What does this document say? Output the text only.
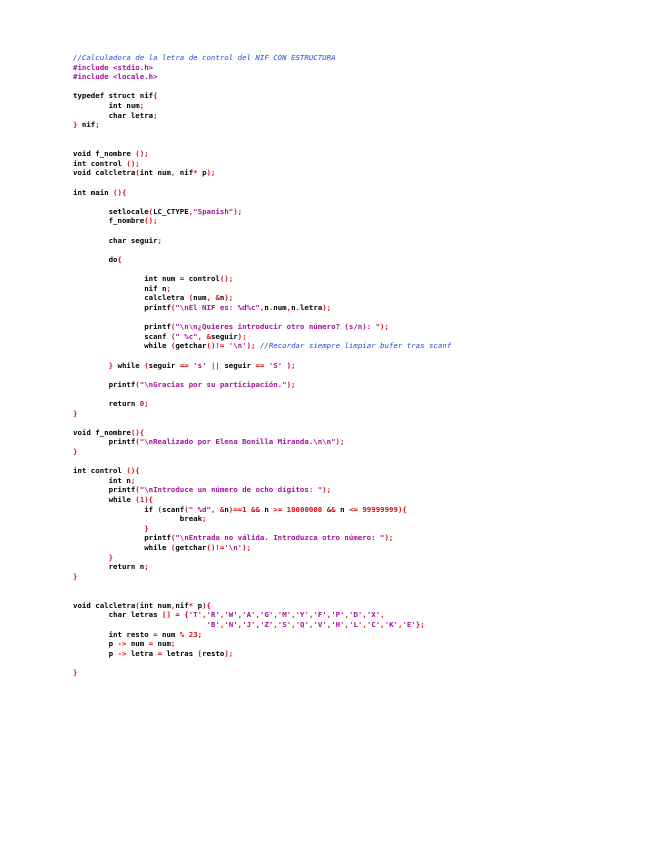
//Calculadora de la letra de control del NIF CON ESTRUCTURA
#include <stdio.h>
#include <locale.h>
typedef struct nif{
int num;
char letra;
} nif;
void f_nombre ();
int control ();
void calcletra(int num, nif* p);
int main (){
setlocale(LC_CTYPE,"Spanish");
f_nombre();
char seguir;
do{
int num = control();
nif n;
calcletra (num, &n);
printf("\nEl NIF es: %d%c",n.num,n.letra);
printf("\n\n¿Quieres introducir otro número? (s/n): ");
scanf (" %c", &seguir);
while (getchar()!= '\n'); //Recordar siempre limpiar bufer tras scanf
} while (seguir == 's' || seguir == 'S' );
printf("\nGracias por su participación.");
return 0;
}
void f_nombre(){
printf("\nRealizado por Elena Bonilla Miranda.\n\n");
}
int control (){
int n;
printf("\nIntroduce un número de ocho dígitos: ");
while (1){
if (scanf(" %d", &n)==1 && n >= 10000000 && n <= 99999999){
break;
}
printf("\nEntrada no válida. Introduzca otro número: ");
while (getchar()!='\n');
}
return n;
}
void calcletra(int num,nif* p){
char letras [] = {'T','R','W','A','G','M','Y','F','P','D','X',
'B','N','J','Z','S','Q','V','H','L','C','K','E'};
int resto = num % 23;
p -> num = num;
p -> letra = letras [resto];
}
